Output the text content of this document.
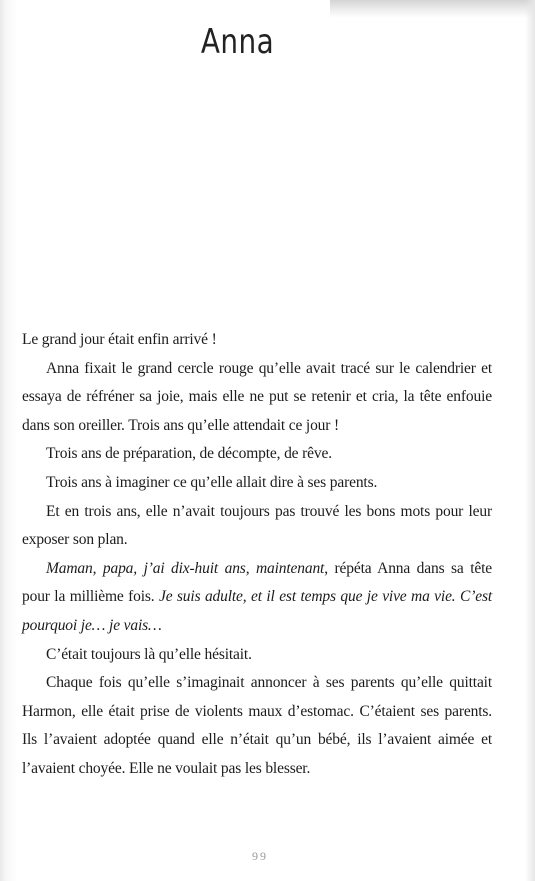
Anna

Le grand jour était enfin arrivé !

Anna fixait le grand cercle rouge qu’elle avait tracé sur le calendrier et essaya de réfréner sa joie, mais elle ne put se retenir et cria, la tête enfouie dans son oreiller. Trois ans qu’elle attendait ce jour !

Trois ans de préparation, de décompte, de rêve.

Trois ans à imaginer ce qu’elle allait dire à ses parents.

Et en trois ans, elle n’avait toujours pas trouvé les bons mots pour leur exposer son plan.

Maman, papa, j’ai dix-huit ans, maintenant, répéta Anna dans sa tête pour la millième fois. Je suis adulte, et il est temps que je vive ma vie. C’est pourquoi je… je vais…

C’était toujours là qu’elle hésitait.

Chaque fois qu’elle s’imaginait annoncer à ses parents qu’elle quittait Harmon, elle était prise de violents maux d’estomac. C’étaient ses parents. Ils l’avaient adoptée quand elle n’était qu’un bébé, ils l’avaient aimée et l’avaient choyée. Elle ne voulait pas les blesser.

99
